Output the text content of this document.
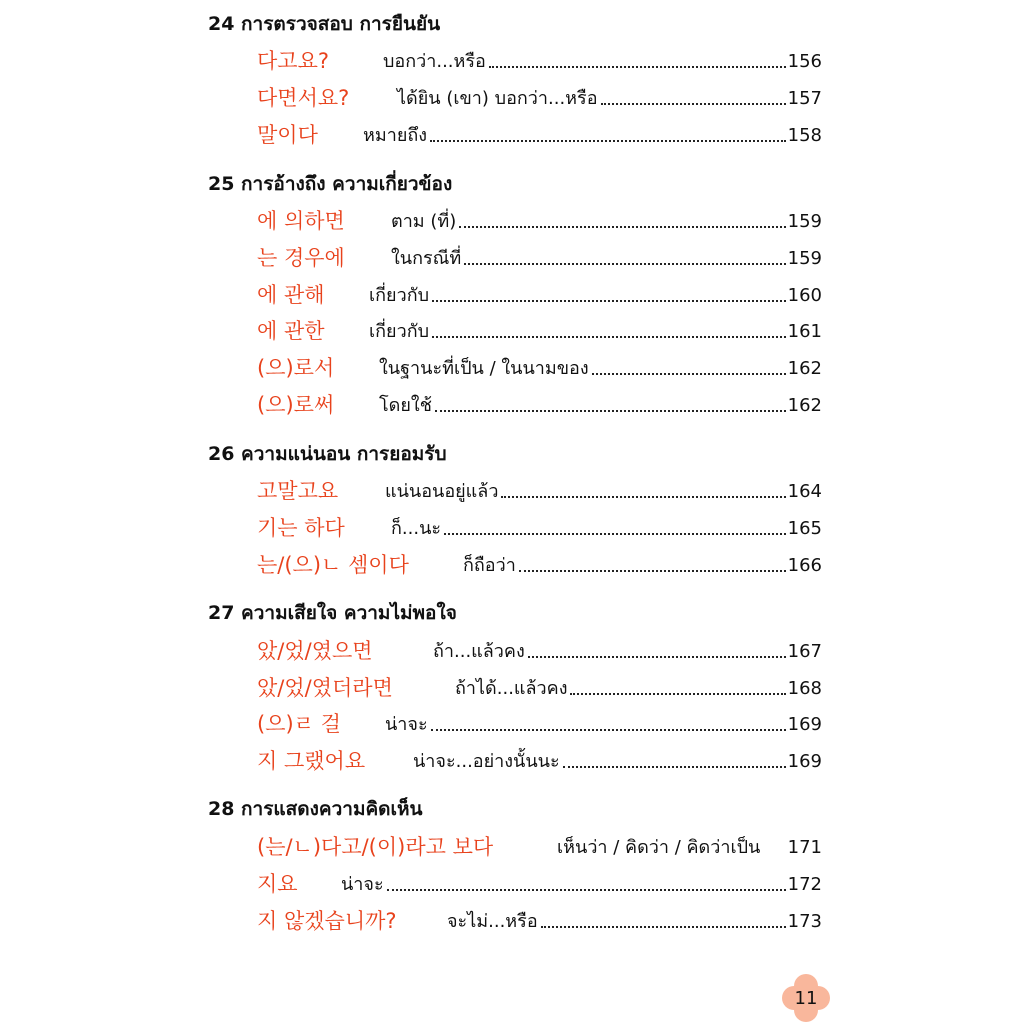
24 การตรวจสอบ การยืนยัน
다고요?	บอกว่า...หรือ	156
다면서요?	ได้ยิน (เขา) บอกว่า...หรือ	157
말이다	หมายถึง	158
25 การอ้างถึง ความเกี่ยวข้อง
에 의하면	ตาม (ที่)	159
는 경우에	ในกรณีที่	159
에 관해	เกี่ยวกับ	160
에 관한	เกี่ยวกับ	161
(으)로서	ในฐานะที่เป็น / ในนามของ	162
(으)로써	โดยใช้	162
26 ความแน่นอน การยอมรับ
고말고요	แน่นอนอยู่แล้ว	164
기는 하다	ก็...นะ	165
는/(으)ㄴ 셈이다	ก็ถือว่า	166
27 ความเสียใจ ความไม่พอใจ
았/었/였으면	ถ้า...แล้วคง	167
았/었/였더라면	ถ้าได้...แล้วคง	168
(으)ㄹ 걸	น่าจะ	169
지 그랬어요	น่าจะ...อย่างนั้นนะ	169
28 การแสดงความคิดเห็น
(는/ㄴ)다고/(이)라고 보다	เห็นว่า / คิดว่า / คิดว่าเป็น 171
지요	น่าจะ	172
지 않겠습니까?	จะไม่...หรือ	173
11
